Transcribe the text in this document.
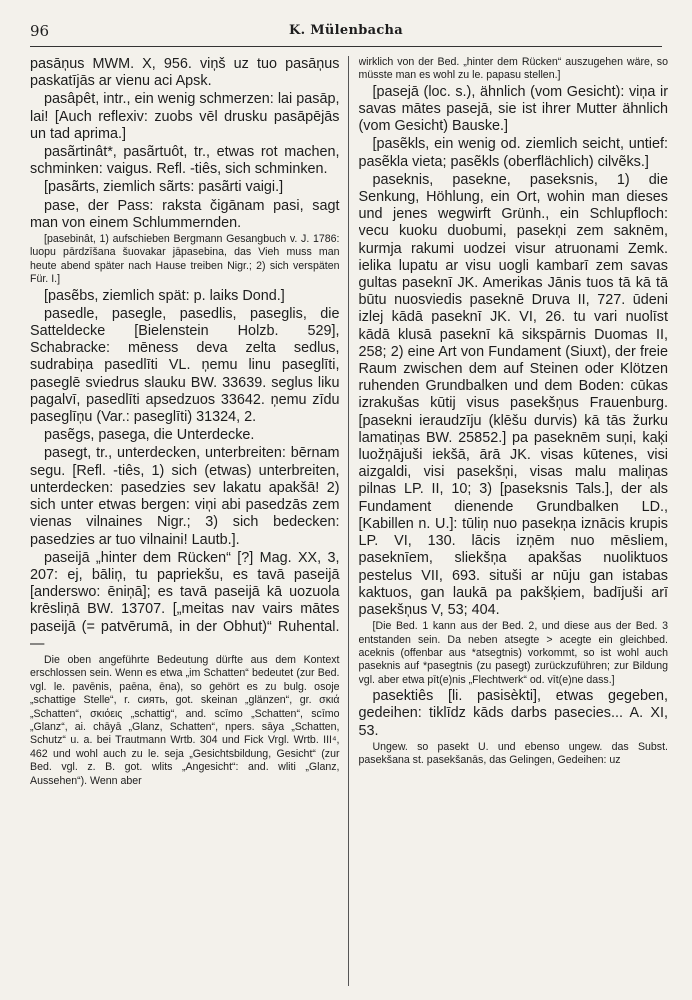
96	K. Mülenbacha

pasāņus MWM. X, 956. viņš uz tuo pasāņus paskatījās ar vienu aci Apsk.

pasâpêt, intr., ein wenig schmerzen: lai pasāp, lai! [Auch reflexiv: zuobs vēl drusku pasāpējās un tad aprima.]

pasãrtinât*, pasãrtuôt, tr., etwas rot machen, schminken: vaigus. Refl. -tiês, sich schminken.

[pasãrts, ziemlich sãrts: pasãrti vaigi.]

pase, der Pass: raksta čigānam pasi, sagt man von einem Schlummernden.

[pasebinât, 1) aufschieben Bergmann Gesangbuch v. J. 1786: luopu pārdzīšana šuovakar jāpasebina, das Vieh muss man heute abend später nach Hause treiben Nigr.; 2) sich verspäten Für. I.]

[pasẽbs, ziemlich spät: p. laiks Dond.]

pasedle, pasegle, pasedlis, paseglis, die Satteldecke [Bielenstein Holzb. 529], Schabracke: mēness deva zelta sedlus, sudrabiņa pasedlīti VL. ņemu linu paseglīti, paseglē sviedrus slauku BW. 33639. seglus liku pagalvī, pasedlīti apsedzuos 33642. ņemu zīdu paseglīņu (Var.: paseglīti) 31324, 2.

pasẽgs, pasega, die Unterdecke.

pasegt, tr., unterdecken, unterbreiten: bērnam segu. [Refl. -tiês, 1) sich (etwas) unterbreiten, unterdecken: pasedzies sev lakatu apakšā! 2) sich unter etwas bergen: viņi abi pasedzās zem vienas vilnaines Nigr.; 3) sich bedecken: pasedzies ar tuo vilnaini! Lautb.].

paseijā „hinter dem Rücken“ [?] Mag. XX, 3, 207: ej, bāliņ, tu papriekšu, es tavā paseijā [anderswo: ēniņā]; es tavā paseijā kā uozuola krēsliņā BW. 13707. [„meitas nav vairs mātes paseijā (= patvērumā, in der Obhut)“ Ruhental. —

Die oben angeführte Bedeutung dürfte aus dem Kontext erschlossen sein. Wenn es etwa „im Schatten“ bedeutet (zur Bed. vgl. le. pavēnis, paēna, ēna), so gehört es zu bulg. osoje „schattige Stelle“, r. сиять, got. skeinan „glänzen“, gr. σκιά „Schatten“, σκιόεις „schattig“, and. scīmo „Schatten“, scīmo „Glanz“, ai. chāyā „Glanz, Schatten“, npers. sāya „Schatten, Schutz“ u. a. bei Trautmann Wrtb. 304 und Fick Vrgl. Wrtb. III⁴, 462 und wohl auch zu le. seja „Gesichtsbildung, Gesicht“ (zur Bed. vgl. z. B. got. wlits „Angesicht“: and. wliti „Glanz, Aussehen“). Wenn aber

wirklich von der Bed. „hinter dem Rücken“ auszugehen wäre, so müsste man es wohl zu le. papasu stellen.]

[pasejā (loc. s.), ähnlich (vom Gesicht): viņa ir savas mātes pasejā, sie ist ihrer Mutter ähnlich (vom Gesicht) Bauske.]

[pasẽkls, ein wenig od. ziemlich seicht, untief: pasẽkla vieta; pasẽkls (oberflächlich) cilvẽks.]

paseknis, pasekne, paseksnis, 1) die Senkung, Höhlung, ein Ort, wohin man dieses und jenes wegwirft Grünh., ein Schlupfloch: vecu kuoku duobumi, pasekņi zem saknēm, kurmja rakumi uodzei visur atruonami Zemk. ielika lupatu ar visu uogli kambarī zem savas gultas paseknī JK. Amerikas Jānis tuos tā kā tā būtu nuosviedis paseknē Druva II, 727. ūdeni izlej kādā paseknī JK. VI, 26. tu vari nuolīst kādā klusā paseknī kā sikspārnis Duomas II, 258; 2) eine Art von Fundament (Siuxt), der freie Raum zwischen dem auf Steinen oder Klötzen ruhenden Grundbalken und dem Boden: cūkas izrakušas kūtij visus pasekšņus Frauenburg. [pasekni ieraudzīju (klēšu durvis) kā tās žurku lamatiņas BW. 25852.] pa paseknēm suņi, kaķi luožņājuši iekšā, ārā JK. visas kūtenes, visi aizgaldi, visi pasekšņi, visas malu maliņas pilnas LP. II, 10; 3) [paseksnis Tals.], der als Fundament dienende Grundbalken LD., [Kabillen n. U.]: tūliņ nuo pasekņa iznācis krupis LP. VI, 130. lācis izņēm nuo mēsliem, paseknīem, sliekšņa apakšas nuoliktuos pestelus VII, 693. situši ar nūju gan istabas kaktuos, gan laukā pa pakšķiem, badījuši arī pasekšņus V, 53; 404.

[Die Bed. 1 kann aus der Bed. 2, und diese aus der Bed. 3 entstanden sein. Da neben atsegte > acegte ein gleichbed. aceknis (offenbar aus *atsegtnis) vorkommt, so ist wohl auch paseknis auf *pasegtnis (zu pasegt) zurückzuführen; zur Bildung vgl. aber etwa pīt(e)nis „Flechtwerk“ od. vīt(e)ne dass.]

pasektiês [li. pasisèkti], etwas gegeben, gedeihen: tiklīdz kāds darbs pasecies... A. XI, 53.

Ungew. so pasekt U. und ebenso ungew. das Subst. pasekšana st. pasekšanās, das Gelingen, Gedeihen: uz
